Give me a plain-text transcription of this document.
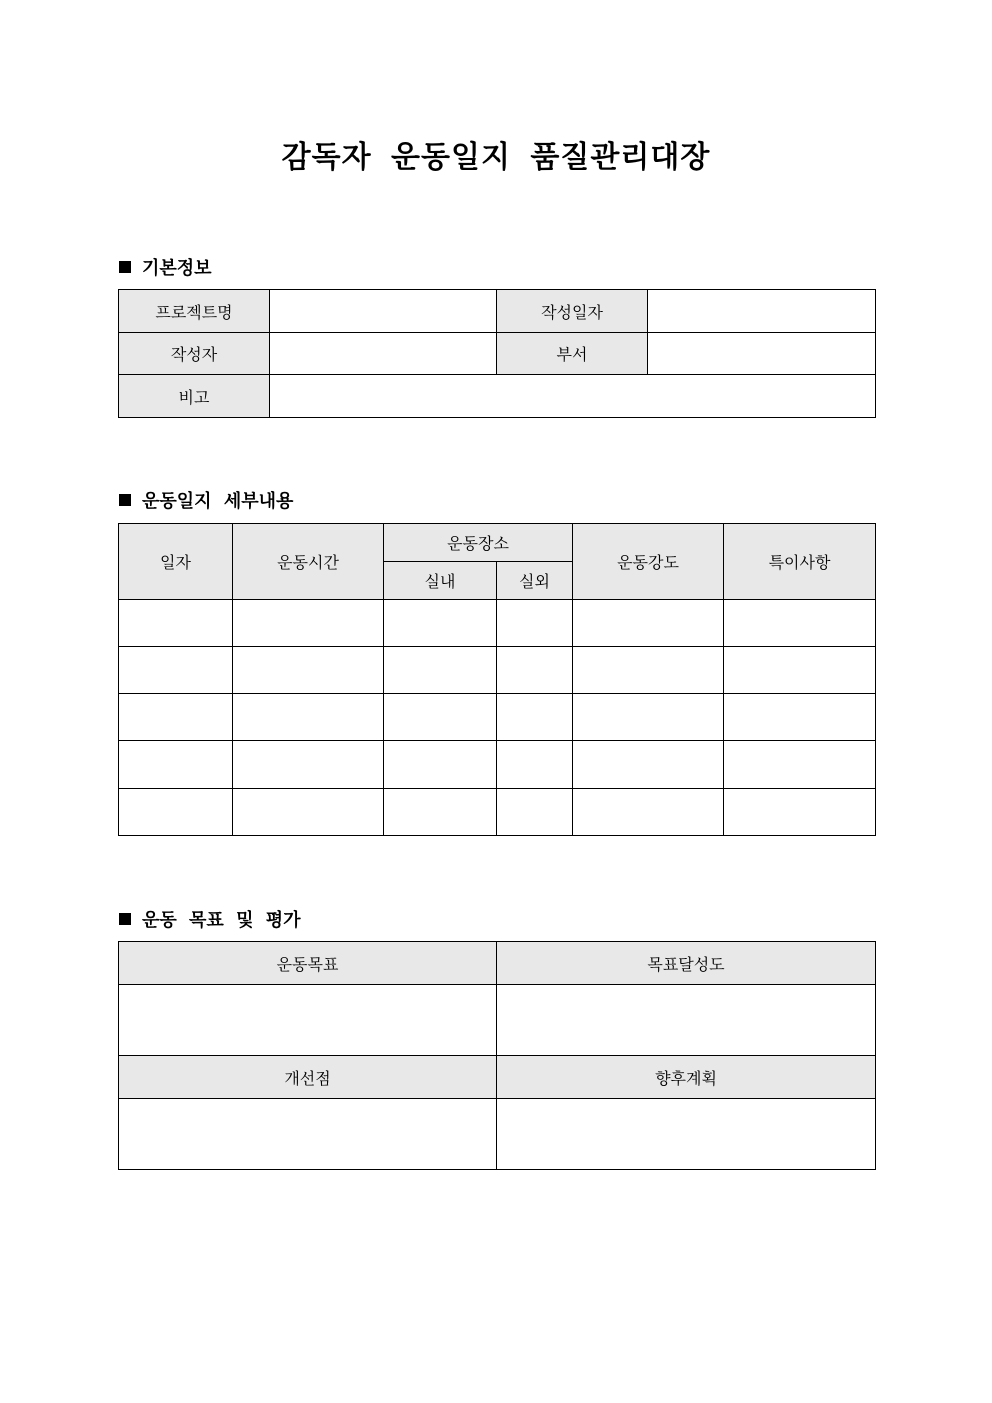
감독자 운동일지 품질관리대장
기본정보
프로젝트명		작성일자	
작성자		부서	
비고			
운동일지 세부내용
일자	운동시간	운동장소		운동강도	특이사항
		실내	실외		

운동 목표 및 평가
운동목표	목표달성도

개선점	향후계획
